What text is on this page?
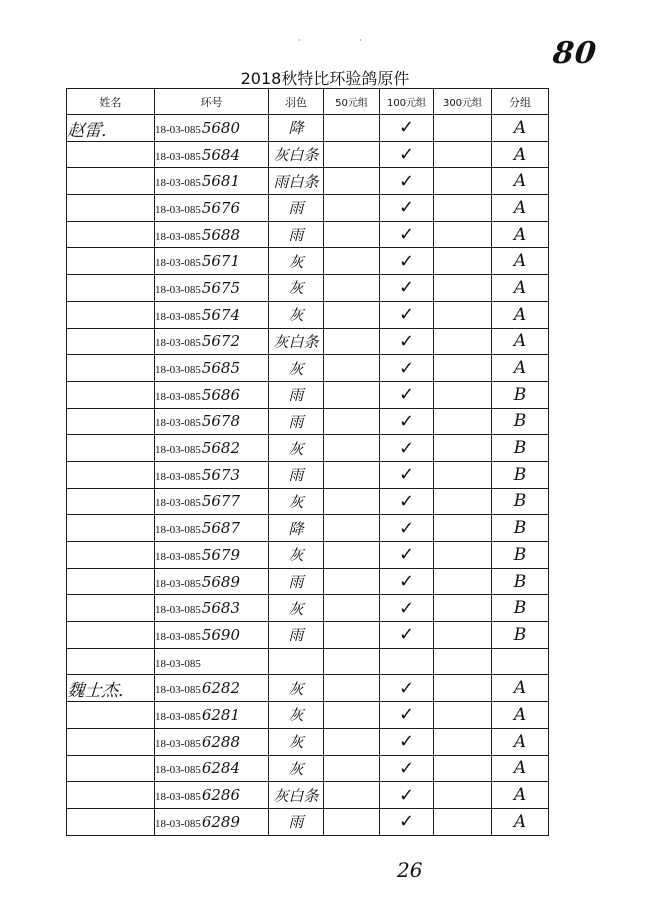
· ·	80
2018秋特比环验鸽原件
姓名	环号	羽色	50元组	100元组	300元组	分组
赵雷.	18-03-0855680	降		✓		A
	18-03-0855684	灰白条		✓		A
	18-03-0855681	雨白条		✓		A
	18-03-0855676	雨		✓		A
	18-03-0855688	雨		✓		A
	18-03-0855671	灰		✓		A
	18-03-0855675	灰		✓		A
	18-03-0855674	灰		✓		A
	18-03-0855672	灰白条		✓		A
	18-03-0855685	灰		✓		A
	18-03-0855686	雨		✓		B
	18-03-0855678	雨		✓		B
	18-03-0855682	灰		✓		B
	18-03-0855673	雨		✓		B
	18-03-0855677	灰		✓		B
	18-03-0855687	降		✓		B
	18-03-0855679	灰		✓		B
	18-03-0855689	雨		✓		B
	18-03-0855683	灰		✓		B
	18-03-0855690	雨		✓		B
	18-03-085					
魏士杰.	18-03-0856282	灰		✓		A
	18-03-0856281	灰		✓		A
	18-03-0856288	灰		✓		A
	18-03-0856284	灰		✓		A
	18-03-0856286	灰白条		✓		A
	18-03-0856289	雨		✓		A
26
